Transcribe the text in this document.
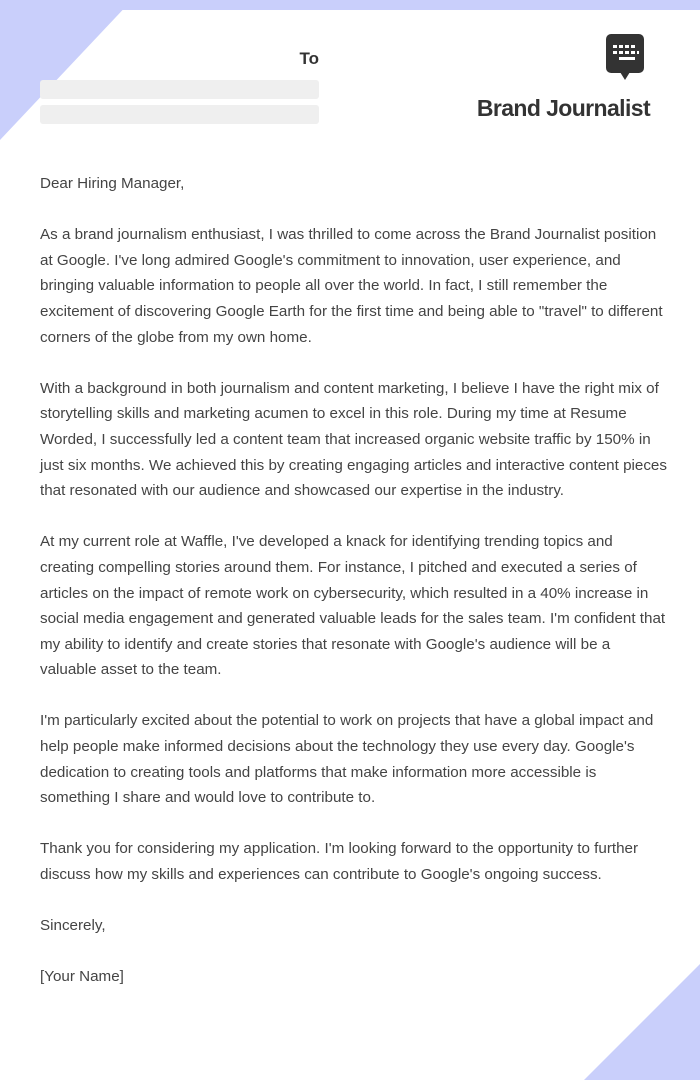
To
Brand Journalist

Dear Hiring Manager,

As a brand journalism enthusiast, I was thrilled to come across the Brand Journalist position at Google. I've long admired Google's commitment to innovation, user experience, and bringing valuable information to people all over the world. In fact, I still remember the excitement of discovering Google Earth for the first time and being able to "travel" to different corners of the globe from my own home.

With a background in both journalism and content marketing, I believe I have the right mix of storytelling skills and marketing acumen to excel in this role. During my time at Resume Worded, I successfully led a content team that increased organic website traffic by 150% in just six months. We achieved this by creating engaging articles and interactive content pieces that resonated with our audience and showcased our expertise in the industry.

At my current role at Waffle, I've developed a knack for identifying trending topics and creating compelling stories around them. For instance, I pitched and executed a series of articles on the impact of remote work on cybersecurity, which resulted in a 40% increase in social media engagement and generated valuable leads for the sales team. I'm confident that my ability to identify and create stories that resonate with Google's audience will be a valuable asset to the team.

I'm particularly excited about the potential to work on projects that have a global impact and help people make informed decisions about the technology they use every day. Google's dedication to creating tools and platforms that make information more accessible is something I share and would love to contribute to.

Thank you for considering my application. I'm looking forward to the opportunity to further discuss how my skills and experiences can contribute to Google's ongoing success.

Sincerely,

[Your Name]
